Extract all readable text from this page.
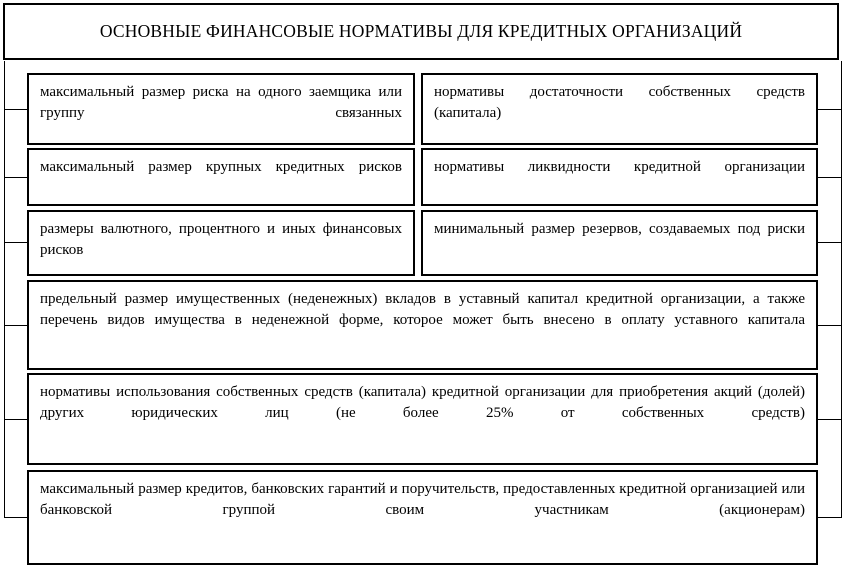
ОСНОВНЫЕ ФИНАНСОВЫЕ НОРМАТИВЫ ДЛЯ КРЕДИТНЫХ ОРГАНИЗАЦИЙ
максимальный размер риска на одного заемщика или группу связанных
нормативы достаточности собственных средств (капитала)
максимальный размер крупных кредитных рисков	нормативы ликвидности кредитной организации
размеры валютного, процентного и иных финансовых рисков
минимальный размер резервов, создаваемых под риски
предельный размер имущественных (неденежных) вкладов в уставный капитал кредитной организации, а также перечень видов имущества в неденежной форме, которое может быть внесено в оплату уставного капитала
нормативы использования собственных средств (капитала) кредитной организации для приобретения акций (долей) других юридических лиц (не более 25% от собственных средств)
максимальный размер кредитов, банковских гарантий и поручительств, предоставленных кредитной организацией или банковской группой своим участникам (акционерам)
